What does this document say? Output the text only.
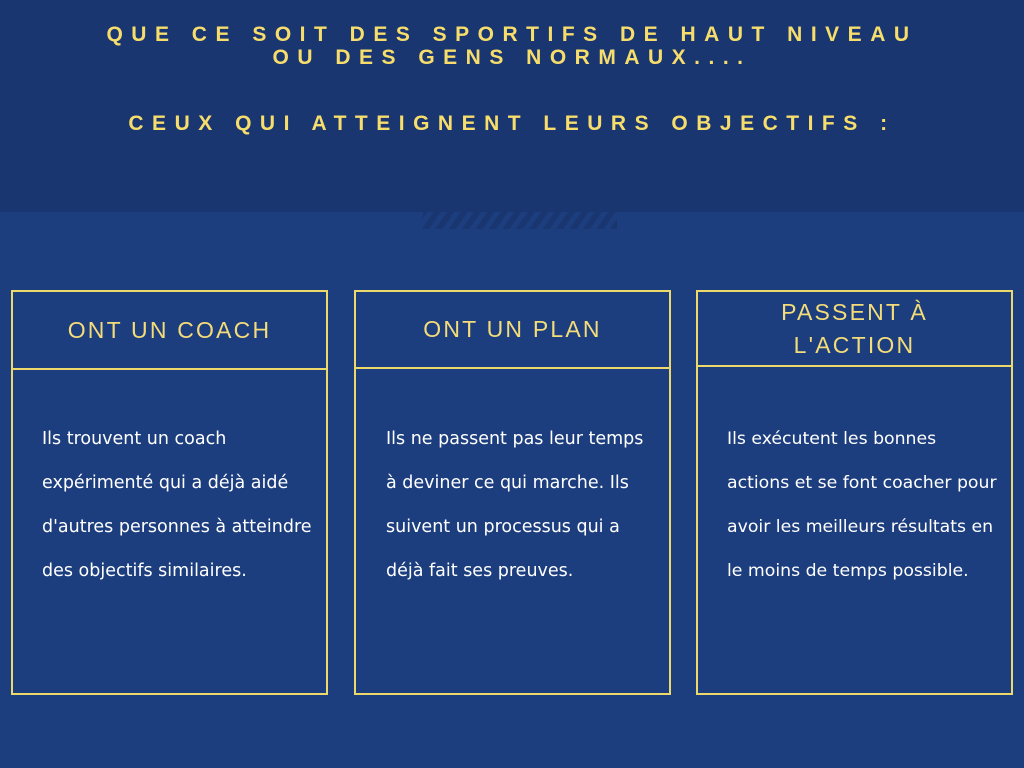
QUE CE SOIT DES SPORTIFS DE HAUT NIVEAU
OU DES GENS NORMAUX....
CEUX QUI ATTEIGNENT LEURS OBJECTIFS :
ONT UN COACH
Ils trouvent un coach expérimenté qui a déjà aidé d'autres personnes à atteindre des objectifs similaires.
ONT UN PLAN
Ils ne passent pas leur temps à deviner ce qui marche. Ils suivent un processus qui a déjà fait ses preuves.
PASSENT À L'ACTION
Ils exécutent les bonnes actions et se font coacher pour avoir les meilleurs résultats en le moins de temps possible.
